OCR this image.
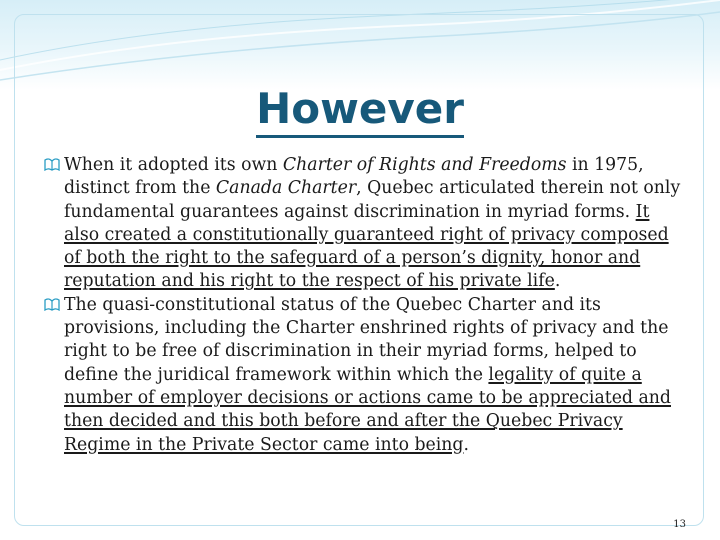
However
When it adopted its own Charter of Rights and Freedoms in 1975, distinct from the Canada Charter, Quebec articulated therein not only fundamental guarantees against discrimination in myriad forms. It also created a constitutionally guaranteed right of privacy composed of both the right to the safeguard of a person’s dignity, honor and reputation and his right to the respect of his private life.
The quasi-constitutional status of the Quebec Charter and its provisions, including the Charter enshrined rights of privacy and the right to be free of discrimination in their myriad forms, helped to define the juridical framework within which the legality of quite a number of employer decisions or actions came to be appreciated and then decided and this both before and after the Quebec Privacy Regime in the Private Sector came into being.
13
